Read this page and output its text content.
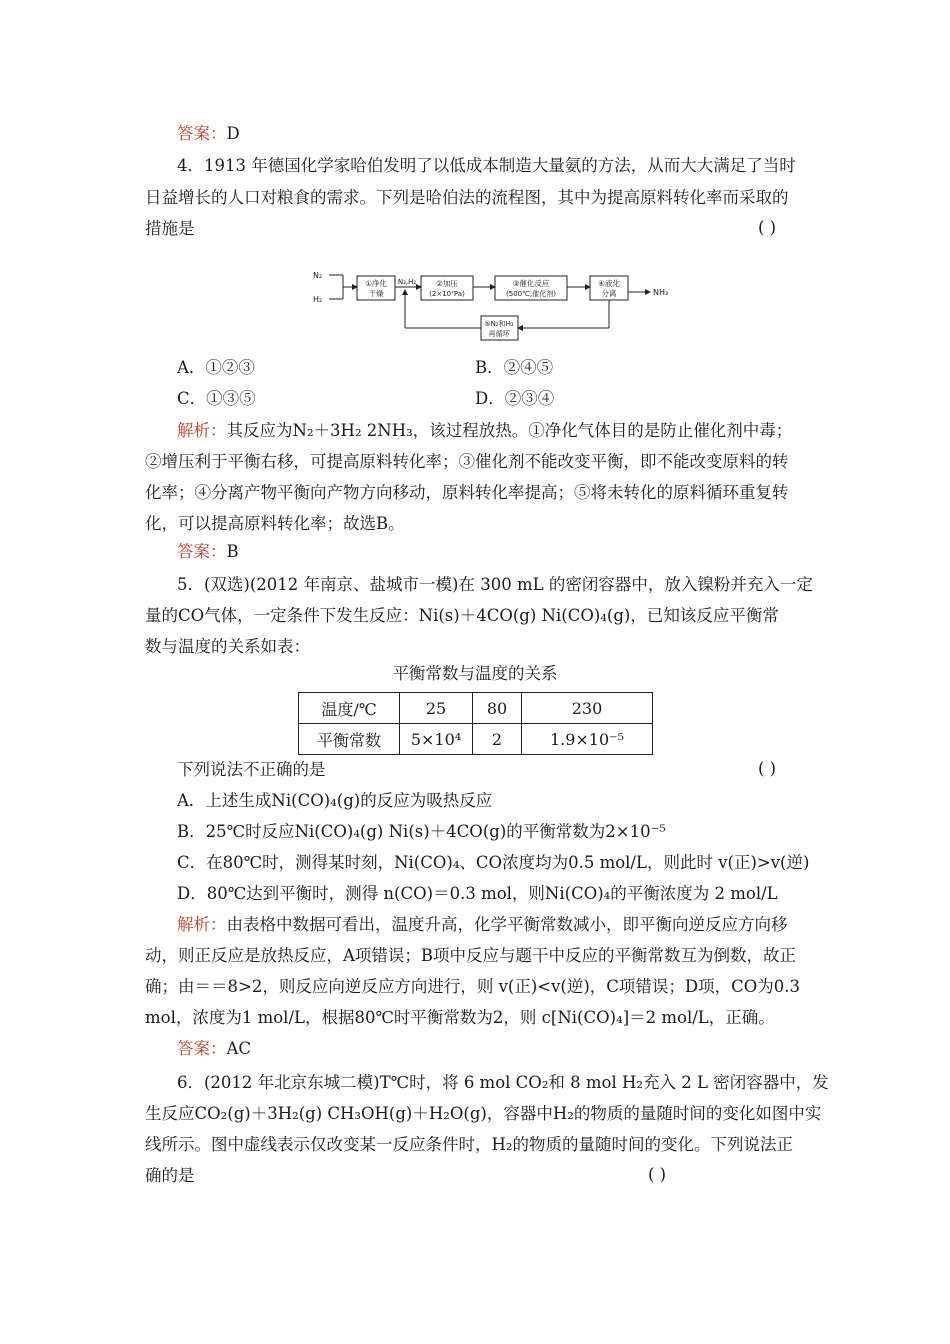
答案：D
4．1913 年德国化学家哈伯发明了以低成本制造大量氨的方法，从而大大满足了当时
日益增长的人口对粮食的需求。下列是哈伯法的流程图，其中为提高原料转化率而采取的
措施是	( )
N₂
H₂
①净化
干燥
N₂,H₂	②加压
(2×10⁷Pa)
③催化反应
(500℃,催化剂)
④液化
分离	NH₃
⑤N₂和H₂
再循环
A．①②③	B．②④⑤
C．①③⑤	D．②③④
解析：其反应为N₂＋3H₂ 2NH₃，该过程放热。①净化气体目的是防止催化剂中毒；
②增压利于平衡右移，可提高原料转化率；③催化剂不能改变平衡，即不能改变原料的转
化率；④分离产物平衡向产物方向移动，原料转化率提高；⑤将未转化的原料循环重复转
化，可以提高原料转化率；故选B。
答案：B
5．(双选)(2012 年南京、盐城市一模)在 300 mL 的密闭容器中，放入镍粉并充入一定
量的CO气体，一定条件下发生反应：Ni(s)＋4CO(g) Ni(CO)₄(g)，已知该反应平衡常
数与温度的关系如表：
平衡常数与温度的关系
温度/℃	25	80	230
平衡常数	5×10⁴	2	1.9×10⁻⁵
下列说法不正确的是	( )
A．上述生成Ni(CO)₄(g)的反应为吸热反应
B．25℃时反应Ni(CO)₄(g) Ni(s)＋4CO(g)的平衡常数为2×10⁻⁵
C．在80℃时，测得某时刻，Ni(CO)₄、CO浓度均为0.5 mol/L，则此时 v(正)>v(逆)
D．80℃达到平衡时，测得 n(CO)＝0.3 mol，则Ni(CO)₄的平衡浓度为 2 mol/L
解析：由表格中数据可看出，温度升高，化学平衡常数减小，即平衡向逆反应方向移
动，则正反应是放热反应，A项错误；B项中反应与题干中反应的平衡常数互为倒数，故正
确；由＝＝8>2，则反应向逆反应方向进行，则 v(正)<v(逆)，C项错误；D项，CO为0.3
mol，浓度为1 mol/L，根据80℃时平衡常数为2，则 c[Ni(CO)₄]＝2 mol/L，正确。
答案：AC
6．(2012 年北京东城二模)T℃时，将 6 mol CO₂和 8 mol H₂充入 2 L 密闭容器中，发
生反应CO₂(g)＋3H₂(g) CH₃OH(g)＋H₂O(g)，容器中H₂的物质的量随时间的变化如图中实
线所示。图中虚线表示仅改变某一反应条件时，H₂的物质的量随时间的变化。下列说法正
确的是	( )
